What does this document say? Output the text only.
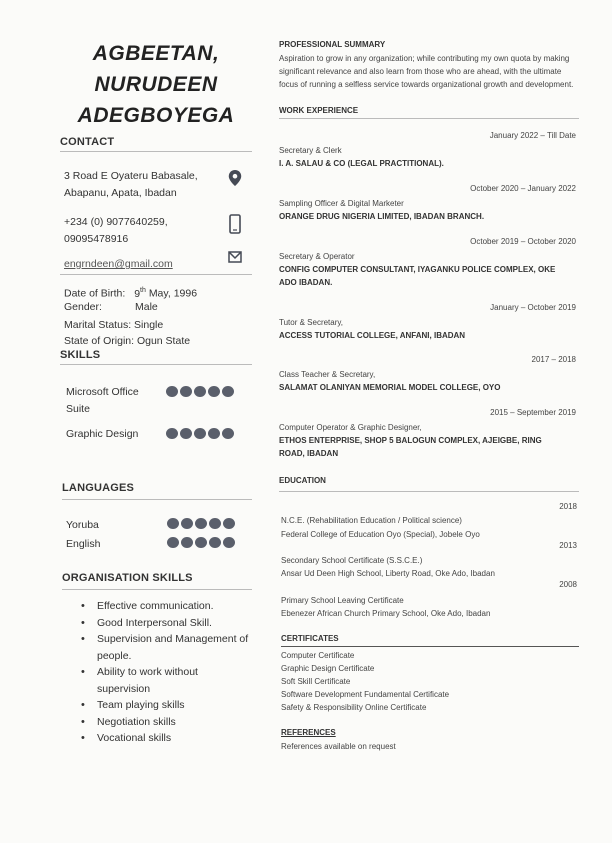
AGBEETAN,
NURUDEEN
ADEGBOYEGA
CONTACT
3 Road E Oyateru Babasale,
Abapanu, Apata, Ibadan
+234 (0) 9077640259,
09095478916
engrndeen@gmail.com
Date of Birth: 9th May, 1996
Gender:	Male
Marital Status: Single
State of Origin: Ogun State
SKILLS
Microsoft Office
Suite
Graphic Design
LANGUAGES
Yoruba
English
ORGANISATION SKILLS
• Effective communication.
• Good Interpersonal Skill.
• Supervision and Management of people.
• Ability to work without supervision
• Team playing skills
• Negotiation skills
• Vocational skills
PROFESSIONAL SUMMARY
Aspiration to grow in any organization; while contributing my own quota by making significant relevance and also learn from those who are ahead, with the ultimate focus of running a selfless service towards organizational growth and development.
WORK EXPERIENCE
January 2022 – Till Date
Secretary & Clerk
I. A. SALAU & CO (LEGAL PRACTITIONAL).
October 2020 – January 2022
Sampling Officer & Digital Marketer
ORANGE DRUG NIGERIA LIMITED, IBADAN BRANCH.
October 2019 – October 2020
Secretary & Operator
CONFIG COMPUTER CONSULTANT, IYAGANKU POLICE COMPLEX, OKE ADO IBADAN.
January – October 2019
Tutor & Secretary,
ACCESS TUTORIAL COLLEGE, ANFANI, IBADAN
2017 – 2018
Class Teacher & Secretary,
SALAMAT OLANIYAN MEMORIAL MODEL COLLEGE, OYO
2015 – September 2019
Computer Operator & Graphic Designer,
ETHOS ENTERPRISE, SHOP 5 BALOGUN COMPLEX, AJEIGBE, RING ROAD, IBADAN
EDUCATION
2018
N.C.E. (Rehabilitation Education / Political science)
Federal College of Education Oyo (Special), Jobele Oyo
2013
Secondary School Certificate (S.S.C.E.)
Ansar Ud Deen High School, Liberty Road, Oke Ado, Ibadan
2008
Primary School Leaving Certificate
Ebenezer African Church Primary School, Oke Ado, Ibadan
CERTIFICATES
Computer Certificate
Graphic Design Certificate
Soft Skill Certificate
Software Development Fundamental Certificate
Safety & Responsibility Online Certificate
REFERENCES
References available on request
